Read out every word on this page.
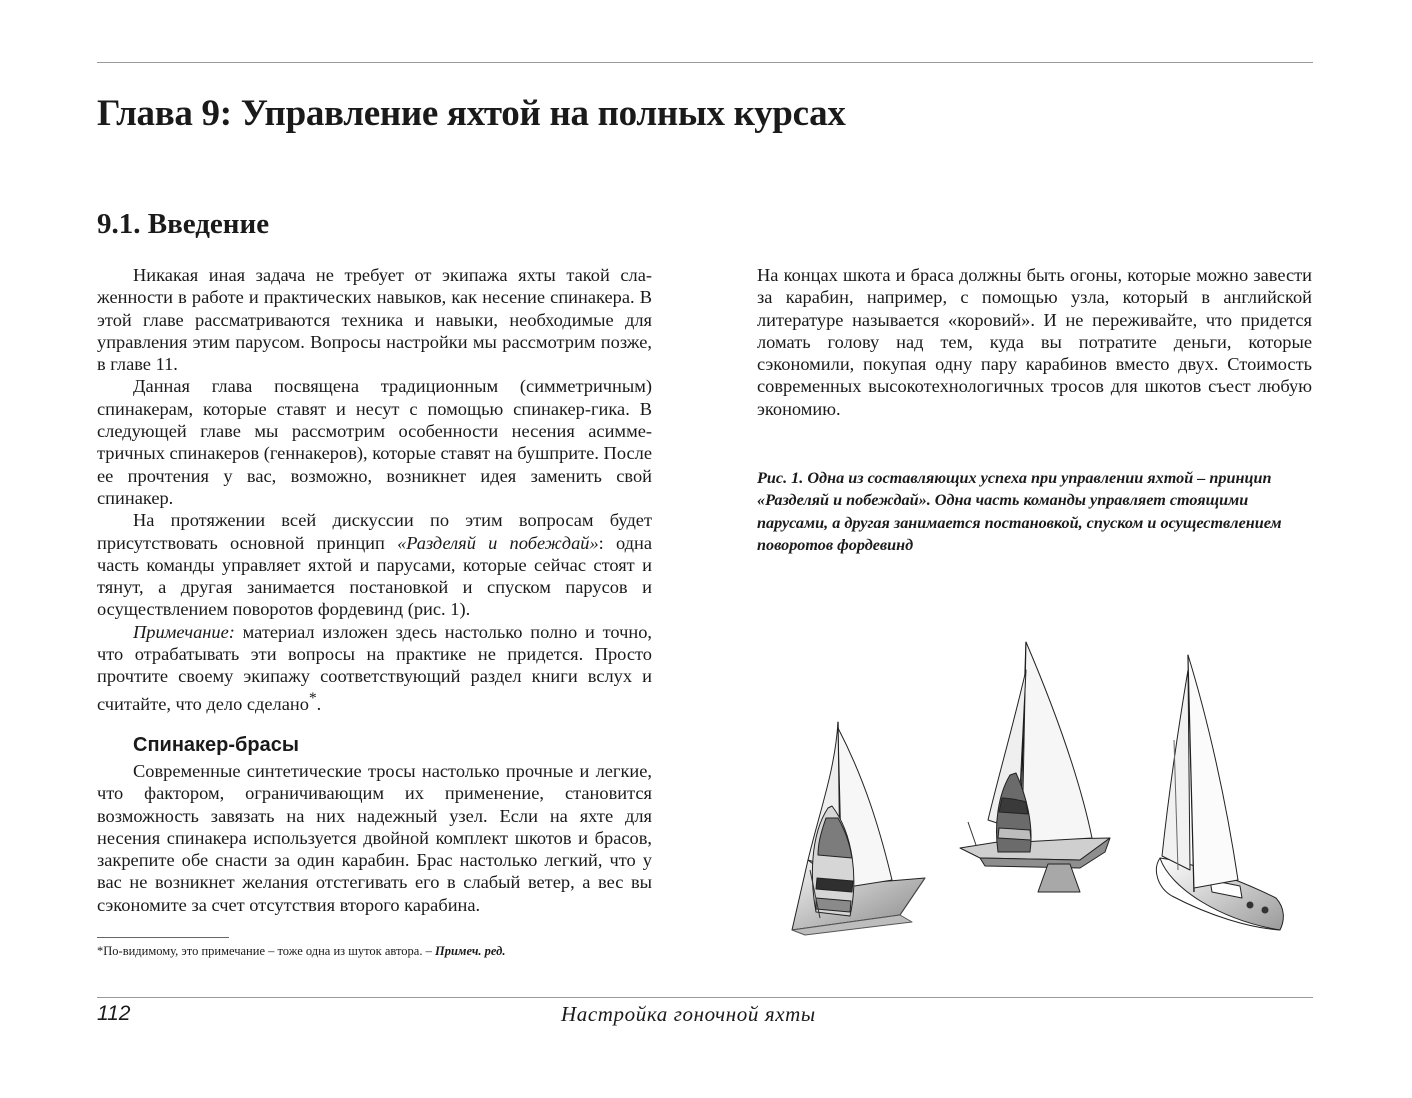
Глава 9: Управление яхтой на полных курсах
9.1. Введение

Никакая иная задача не требует от экипажа яхты такой слаженности в работе и практических навыков, как несение спинакера. В этой главе рассматриваются техника и навыки, необходимые для управления этим парусом. Вопросы настройки мы рассмотрим позже, в главе 11.

Данная глава посвящена традиционным (симметричным) спинакерам, которые ставят и несут с помощью спинакер-гика. В следующей главе мы рассмотрим особенности несения асимметричных спинакеров (геннакеров), которые ставят на бушприте. После ее прочтения у вас, возможно, возникнет идея заменить свой спинакер.

На протяжении всей дискуссии по этим вопросам будет присутствовать основной принцип «Разделяй и побеждай»: одна часть команды управляет яхтой и парусами, которые сейчас стоят и тянут, а другая занимается постановкой и спуском парусов и осуществлением поворотов фордевинд (рис. 1).

Примечание: материал изложен здесь настолько полно и точно, что отрабатывать эти вопросы на практике не придется. Просто прочтите своему экипажу соответствующий раздел книги вслух и считайте, что дело сделано*.

Спинакер-брасы

Современные синтетические тросы настолько прочные и легкие, что фактором, ограничивающим их применение, становится возможность завязать на них надежный узел. Если на яхте для несения спинакера используется двойной комплект шкотов и брасов, закрепите обе снасти за один карабин. Брас настолько легкий, что у вас не возникнет желания отстегивать его в слабый ветер, а вес вы сэкономите за счет отсутствия второго карабина.

*По-видимому, это примечание – тоже одна из шуток автора. – Примеч. ред.

На концах шкота и браса должны быть огоны, которые можно завести за карабин, например, с помощью узла, который в английской литературе называется «коровий». И не переживайте, что придется ломать голову над тем, куда вы потратите деньги, которые сэкономили, покупая одну пару карабинов вместо двух. Стоимость современных высокотехнологичных тросов для шкотов съест любую экономию.

Рис. 1. Одна из составляющих успеха при управлении яхтой – принцип «Разделяй и побеждай». Одна часть команды управляет стоящими парусами, а другая занимается постановкой, спуском и осуществлением поворотов фордевинд

112	Настройка гоночной яхты
